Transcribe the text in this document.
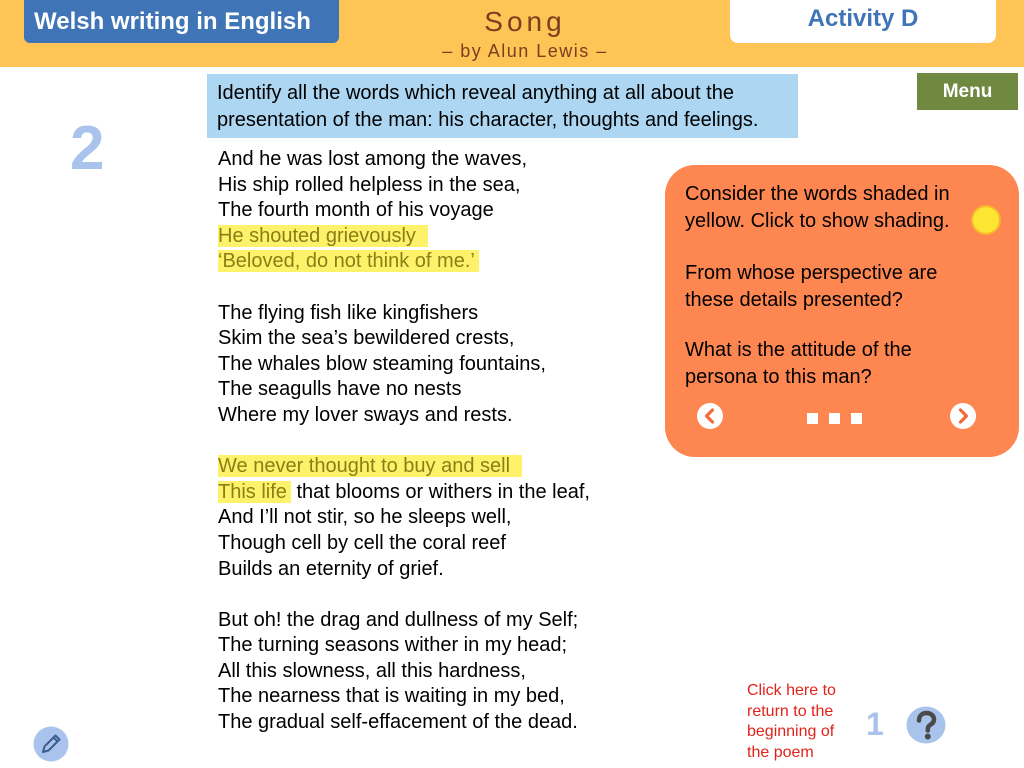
Welsh writing in English	Song
– by Alun Lewis –
Activity D
Menu
2
Identify all the words which reveal anything at all about the
presentation of the man: his character, thoughts and feelings.
And he was lost among the waves,
His ship rolled helpless in the sea,
The fourth month of his voyage
He shouted grievously
‘Beloved, do not think of me.’
The flying fish like kingfishers
Skim the sea’s bewildered crests,
The whales blow steaming fountains,
The seagulls have no nests
Where my lover sways and rests.
We never thought to buy and sell
This life that blooms or withers in the leaf,
And I’ll not stir, so he sleeps well,
Though cell by cell the coral reef
Builds an eternity of grief.
But oh! the drag and dullness of my Self;
The turning seasons wither in my head;
All this slowness, all this hardness,
The nearness that is waiting in my bed,
The gradual self-effacement of the dead.

Consider the words shaded in
yellow. Click to show shading.

From whose perspective are
these details presented?

What is the attitude of the
persona to this man?

Click here to
return to the
beginning of
the poem
1
